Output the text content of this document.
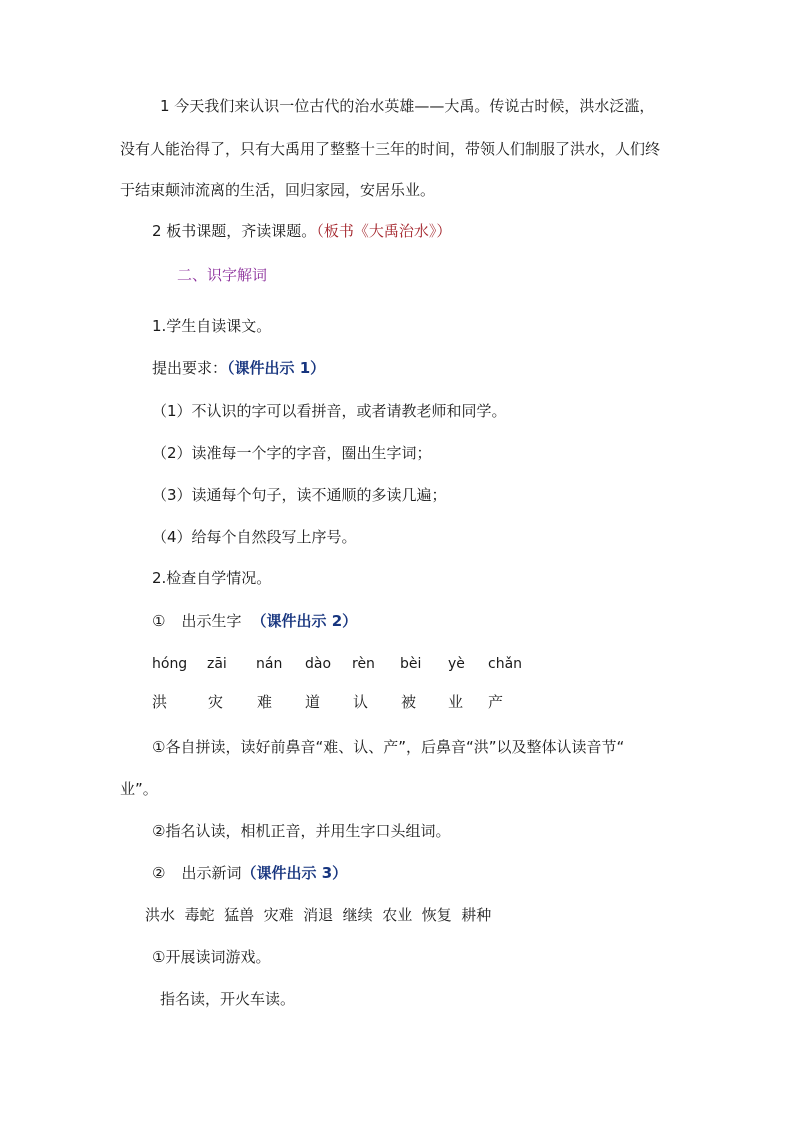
1 今天我们来认识一位古代的治水英雄——大禹。传说古时候，洪水泛滥，
没有人能治得了，只有大禹用了整整十三年的时间，带领人们制服了洪水，人们终
于结束颠沛流离的生活，回归家园，安居乐业。
2 板书课题，齐读课题。（板书《大禹治水》）
二、识字解词
1.学生自读课文。
提出要求：（课件出示 1）
（1）不认识的字可以看拼音，或者请教老师和同学。
（2）读准每一个字的字音，圈出生字词；
（3）读通每个句子，读不通顺的多读几遍；
（4）给每个自然段写上序号。
2.检查自学情况。
① 出示生字 （课件出示 2）
hóng zāi nán dào rèn bèi yè chǎn
洪	灾 难 道 认 被 业 产
①各自拼读，读好前鼻音“难、认、产”，后鼻音“洪”以及整体认读音节“
业”。
②指名认读，相机正音，并用生字口头组词。
② 出示新词（课件出示 3）
洪水  毒蛇  猛兽  灾难  消退  继续  农业  恢复  耕种
①开展读词游戏。
指名读，开火车读。
